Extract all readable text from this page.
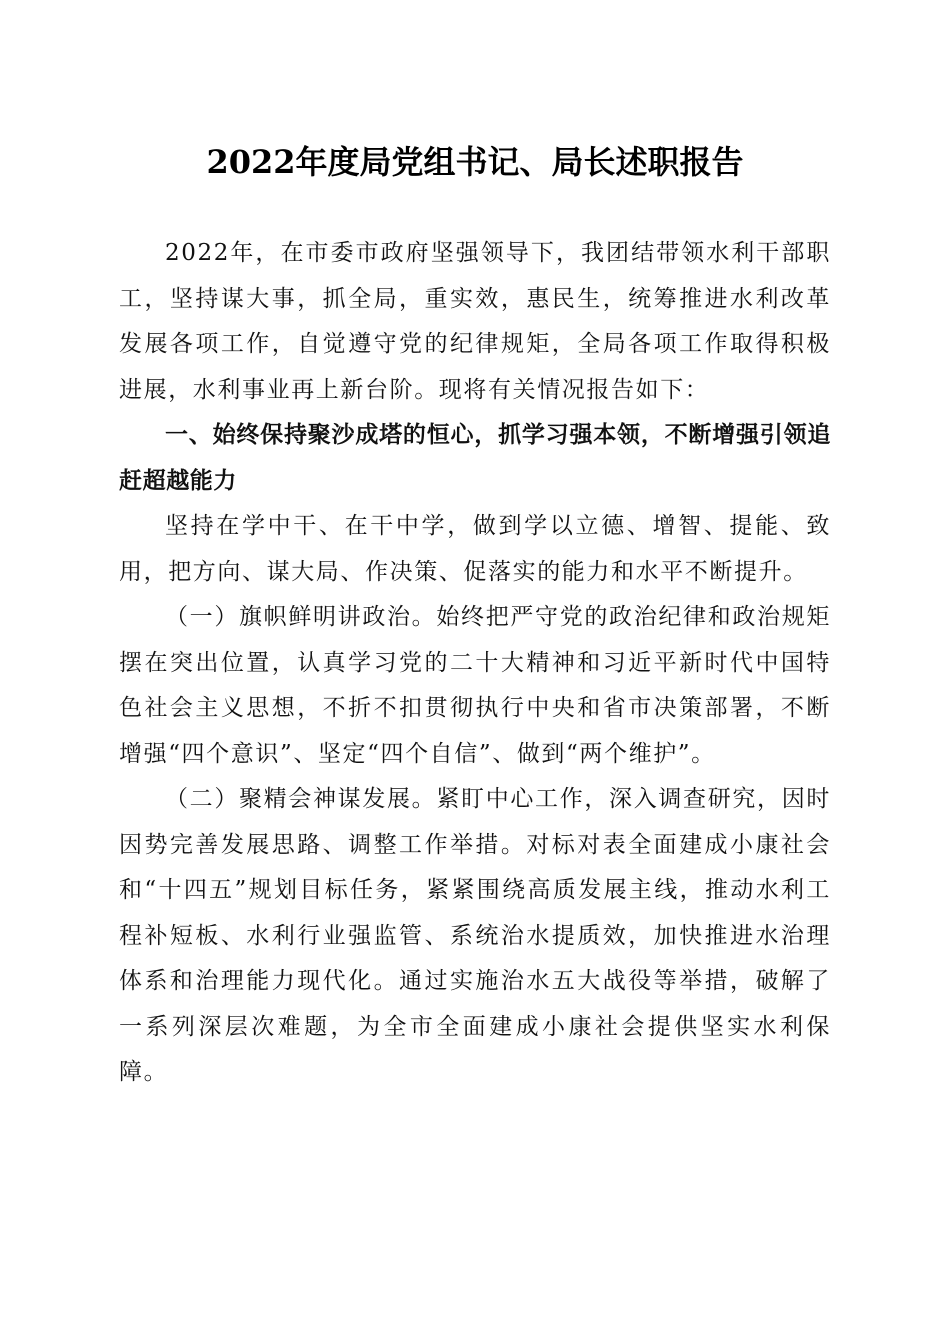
2022年度局党组书记、局长述职报告

2022年，在市委市政府坚强领导下，我团结带领水利干部职工，坚持谋大事，抓全局，重实效，惠民生，统筹推进水利改革发展各项工作，自觉遵守党的纪律规矩，全局各项工作取得积极进展，水利事业再上新台阶。现将有关情况报告如下：

一、始终保持聚沙成塔的恒心，抓学习强本领，不断增强引领追赶超越能力

坚持在学中干、在干中学，做到学以立德、增智、提能、致用，把方向、谋大局、作决策、促落实的能力和水平不断提升。

（一）旗帜鲜明讲政治。始终把严守党的政治纪律和政治规矩摆在突出位置，认真学习党的二十大精神和习近平新时代中国特色社会主义思想，不折不扣贯彻执行中央和省市决策部署，不断增强“四个意识”、坚定“四个自信”、做到“两个维护”。

（二）聚精会神谋发展。紧盯中心工作，深入调查研究，因时因势完善发展思路、调整工作举措。对标对表全面建成小康社会和“十四五”规划目标任务，紧紧围绕高质发展主线，推动水利工程补短板、水利行业强监管、系统治水提质效，加快推进水治理体系和治理能力现代化。通过实施治水五大战役等举措，破解了一系列深层次难题，为全市全面建成小康社会提供坚实水利保障。
